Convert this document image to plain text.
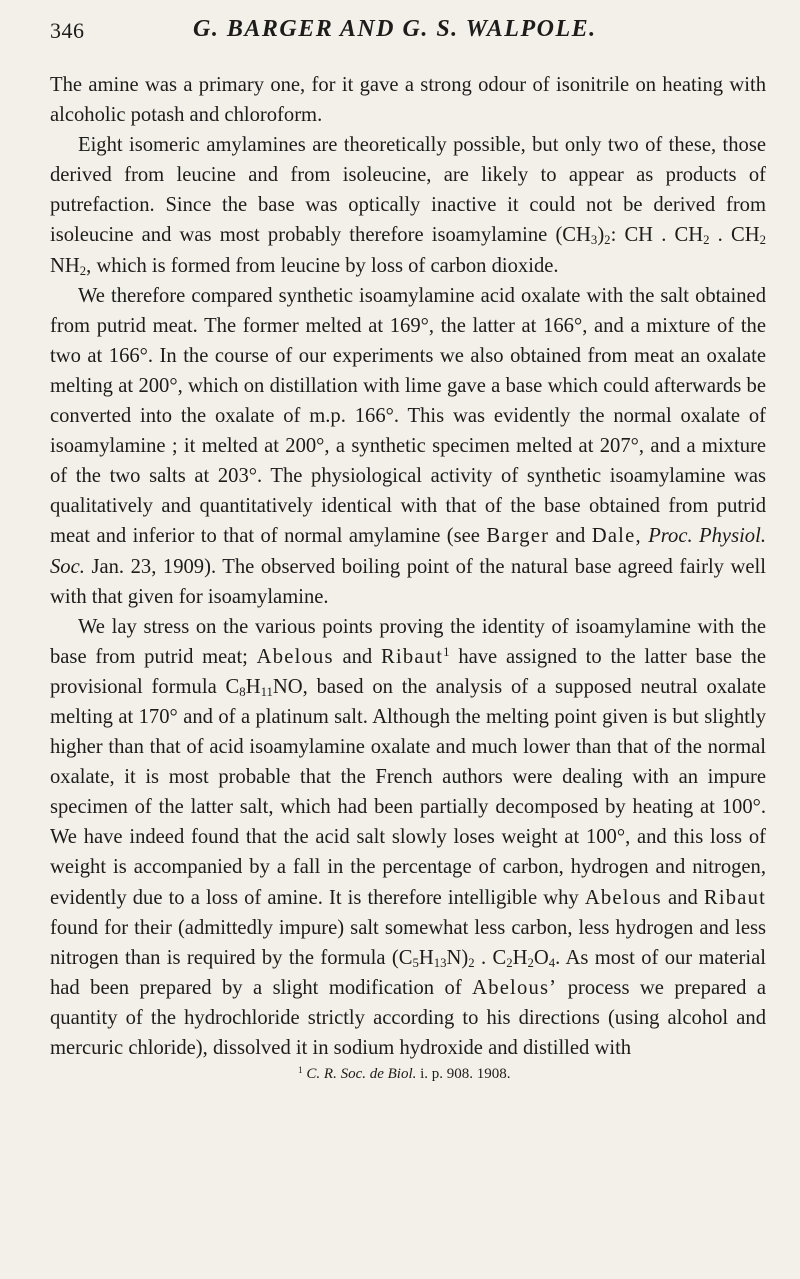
346	G. BARGER AND G. S. WALPOLE.

The amine was a primary one, for it gave a strong odour of isonitrile on heating with alcoholic potash and chloroform.

Eight isomeric amylamines are theoretically possible, but only two of these, those derived from leucine and from isoleucine, are likely to appear as products of putrefaction. Since the base was optically inactive it could not be derived from isoleucine and was most probably therefore isoamylamine $(CH_3)_2$: CH . $CH_2$ . $CH_2$ $NH_2$, which is formed from leucine by loss of carbon dioxide.

We therefore compared synthetic isoamylamine acid oxalate with the salt obtained from putrid meat. The former melted at 169°, the latter at 166°, and a mixture of the two at 166°. In the course of our experiments we also obtained from meat an oxalate melting at 200°, which on distillation with lime gave a base which could afterwards be converted into the oxalate of m.p. 166°. This was evidently the normal oxalate of isoamylamine ; it melted at 200°, a synthetic specimen melted at 207°, and a mixture of the two salts at 203°. The physiological activity of synthetic isoamylamine was qualitatively and quantitatively identical with that of the base obtained from putrid meat and inferior to that of normal amylamine (see Barger and Dale, Proc. Physiol. Soc. Jan. 23, 1909). The observed boiling point of the natural base agreed fairly well with that given for isoamylamine.

We lay stress on the various points proving the identity of isoamylamine with the base from putrid meat; Abelous and Ribaut$^1$ have assigned to the latter base the provisional formula $C_8H_{11}NO$, based on the analysis of a supposed neutral oxalate melting at 170° and of a platinum salt. Although the melting point given is but slightly higher than that of acid isoamylamine oxalate and much lower than that of the normal oxalate, it is most probable that the French authors were dealing with an impure specimen of the latter salt, which had been partially decomposed by heating at 100°. We have indeed found that the acid salt slowly loses weight at 100°, and this loss of weight is accompanied by a fall in the percentage of carbon, hydrogen and nitrogen, evidently due to a loss of amine. It is therefore intelligible why Abelous and Ribaut found for their (admittedly impure) salt somewhat less carbon, less hydrogen and less nitrogen than is required by the formula $(C_5H_{13}N)_2$ . $C_2H_2O_4$. As most of our material had been prepared by a slight modification of Abelous’ process we prepared a quantity of the hydrochloride strictly according to his directions (using alcohol and mercuric chloride), dissolved it in sodium hydroxide and distilled with

$^1$ C. R. Soc. de Biol. i. p. 908. 1908.
